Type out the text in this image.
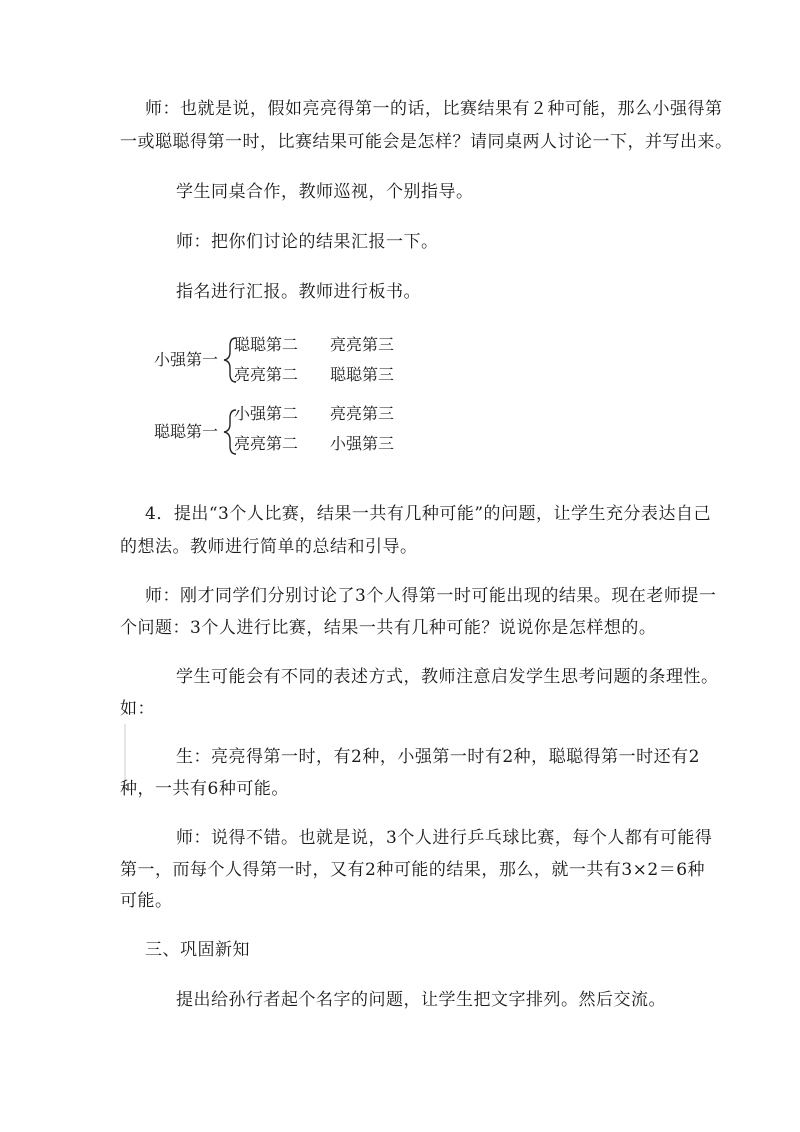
师：也就是说，假如亮亮得第一的话，比赛结果有２种可能，那么小强得第
一或聪聪得第一时，比赛结果可能会是怎样？请同桌两人讨论一下，并写出来。
学生同桌合作，教师巡视，个别指导。
师：把你们讨论的结果汇报一下。
指名进行汇报。教师进行板书。
小强第一
聪聪第二 亮亮第三
亮亮第二 聪聪第三
聪聪第一
小强第二 亮亮第三
亮亮第二 小强第三
4．提出“3个人比赛，结果一共有几种可能”的问题，让学生充分表达自己
的想法。教师进行简单的总结和引导。
师：刚才同学们分别讨论了3个人得第一时可能出现的结果。现在老师提一
个问题：3个人进行比赛，结果一共有几种可能？说说你是怎样想的。
学生可能会有不同的表述方式，教师注意启发学生思考问题的条理性。
如：
生：亮亮得第一时，有2种，小强第一时有2种，聪聪得第一时还有2
种，一共有6种可能。
师：说得不错。也就是说，3个人进行乒乓球比赛，每个人都有可能得
第一，而每个人得第一时，又有2种可能的结果，那么，就一共有3×2＝6种
可能。
三、巩固新知
提出给孙行者起个名字的问题，让学生把文字排列。然后交流。
